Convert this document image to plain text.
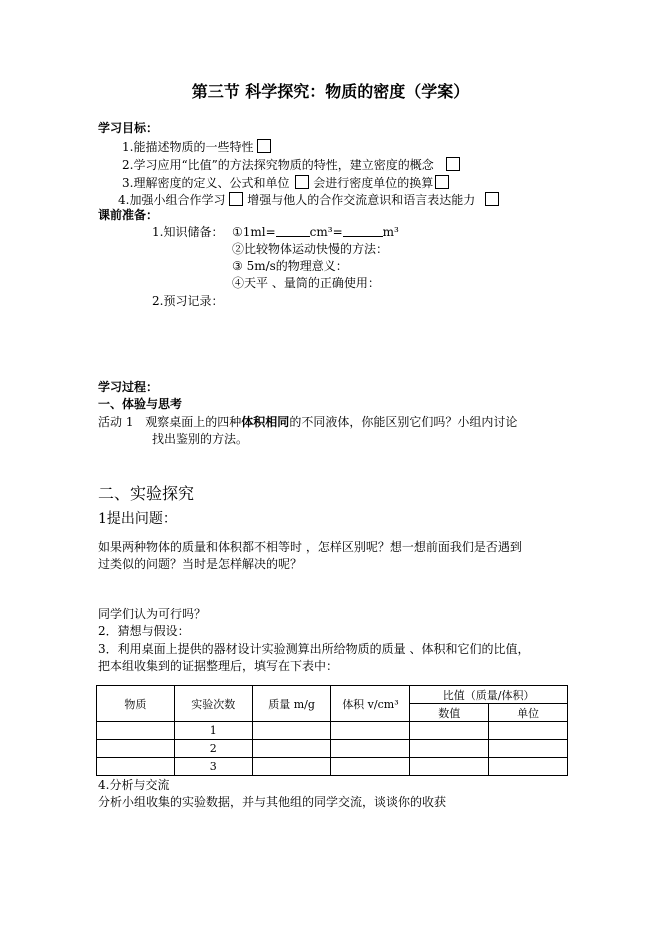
第三节 科学探究：物质的密度（学案）
学习目标：
1.能描述物质的一些特性
2.学习应用“比值”的方法探究物质的特性，建立密度的概念
3.理解密度的定义、公式和单位 会进行密度单位的换算
4.加强小组合作学习 增强与他人的合作交流意识和语言表达能力
课前准备：
1.知识储备： ①1ml=	cm³=	m³
②比较物体运动快慢的方法：
③ 5m/s的物理意义：
④天平 、量筒的正确使用：
2.预习记录：
学习过程：
一、体验与思考
活动 1 观察桌面上的四种体积相同的不同液体，你能区别它们吗？小组内讨论
找出鉴别的方法。
二、实验探究
1提出问题：
如果两种物体的质量和体积都不相等时 ，怎样区别呢？想一想前面我们是否遇到
过类似的问题？当时是怎样解决的呢？
同学们认为可行吗？
2．猜想与假设：
3．利用桌面上提供的器材设计实验测算出所给物质的质量 、体积和它们的比值，
把本组收集到的证据整理后，填写在下表中：
物质	实验次数	质量 m/g	体积 v/cm³	比值（质量/体积）	
				数值	单位
	1				
	2				
	3				
4.分析与交流
分析小组收集的实验数据，并与其他组的同学交流，谈谈你的收获
